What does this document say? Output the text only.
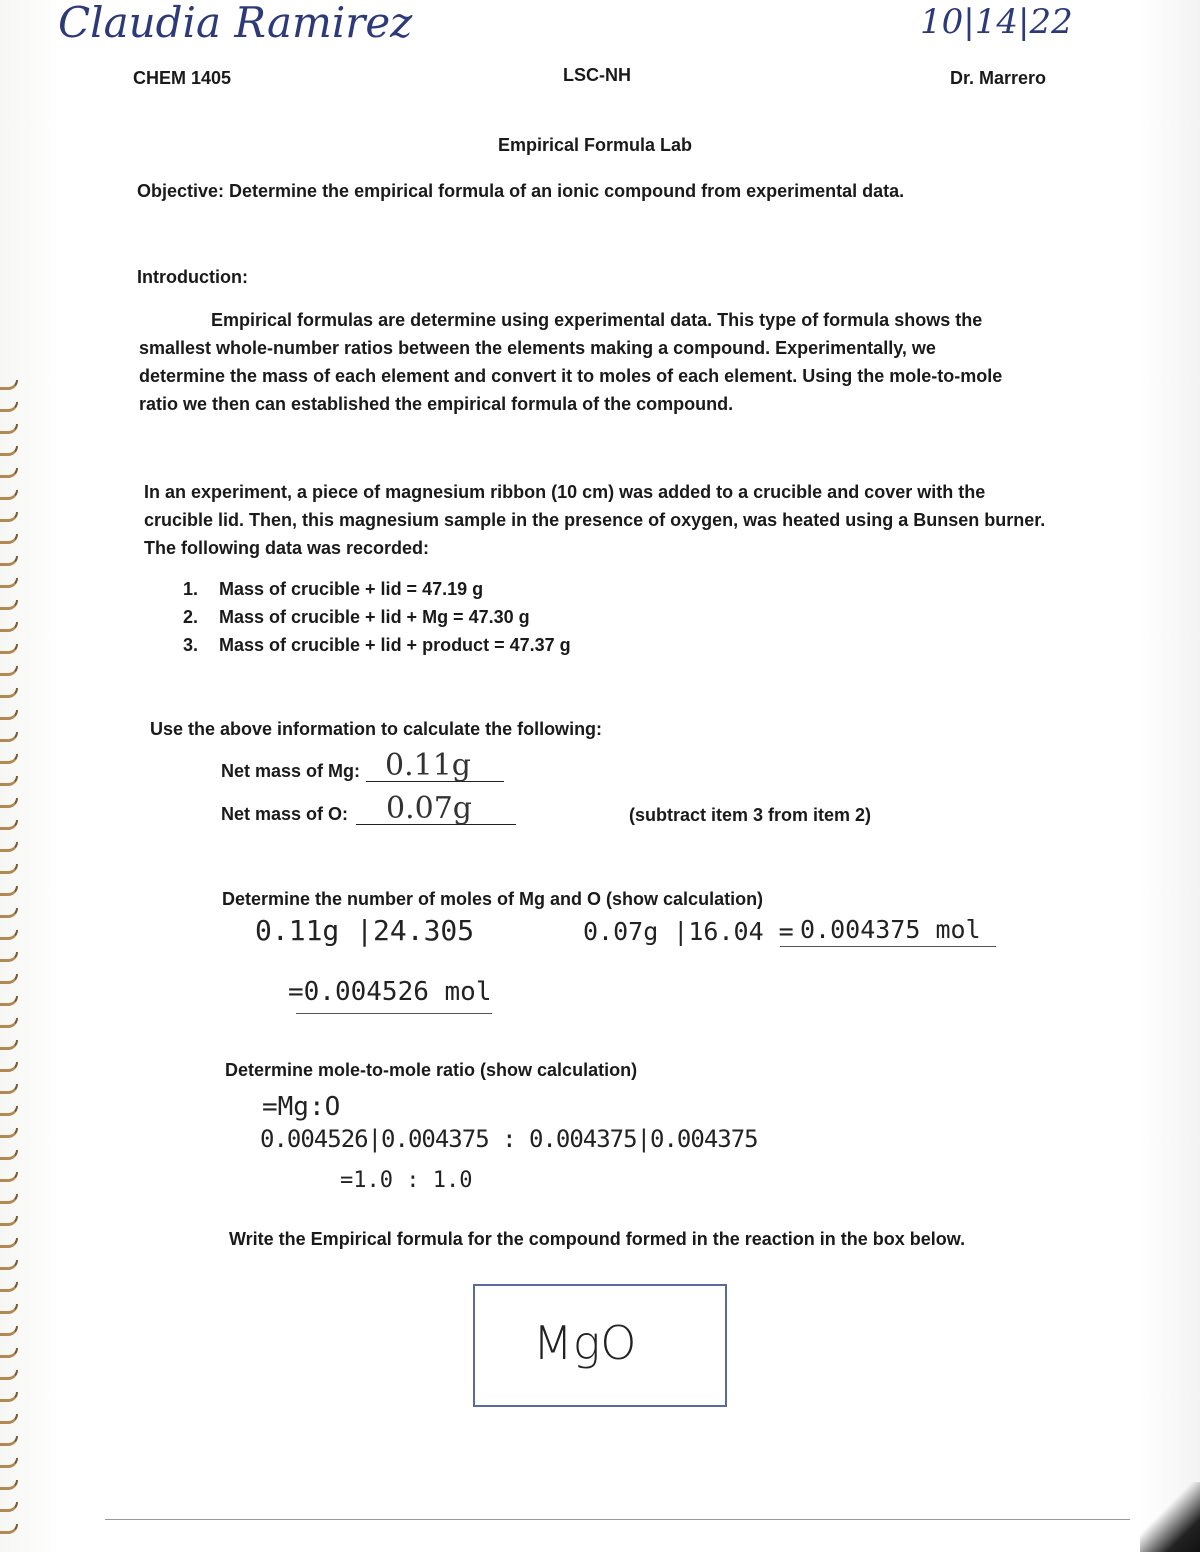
Claudia Ramirez	10|14|22
CHEM 1405	LSC-NH	Dr. Marrero
Empirical Formula Lab
Objective: Determine the empirical formula of an ionic compound from experimental data.
Introduction:
Empirical formulas are determine using experimental data. This type of formula shows the
smallest whole-number ratios between the elements making a compound. Experimentally, we
determine the mass of each element and convert it to moles of each element. Using the mole-to-mole
ratio we then can established the empirical formula of the compound.
In an experiment, a piece of magnesium ribbon (10 cm) was added to a crucible and cover with the
crucible lid. Then, this magnesium sample in the presence of oxygen, was heated using a Bunsen burner.
The following data was recorded:
1. Mass of crucible + lid = 47.19 g
2. Mass of crucible + lid + Mg = 47.30 g
3. Mass of crucible + lid + product = 47.37 g
Use the above information to calculate the following:
Net mass of Mg: 0.11g
Net mass of O: 0.07g	(subtract item 3 from item 2)
Determine the number of moles of Mg and O (show calculation)
0.11g |24.305
=0.004526 mol
0.07g |16.04 = 0.004375 mol
Determine mole-to-mole ratio (show calculation)
=Mg:O
0.004526|0.004375 : 0.004375|0.004375
=1.0 : 1.0
Write the Empirical formula for the compound formed in the reaction in the box below.
MgO
